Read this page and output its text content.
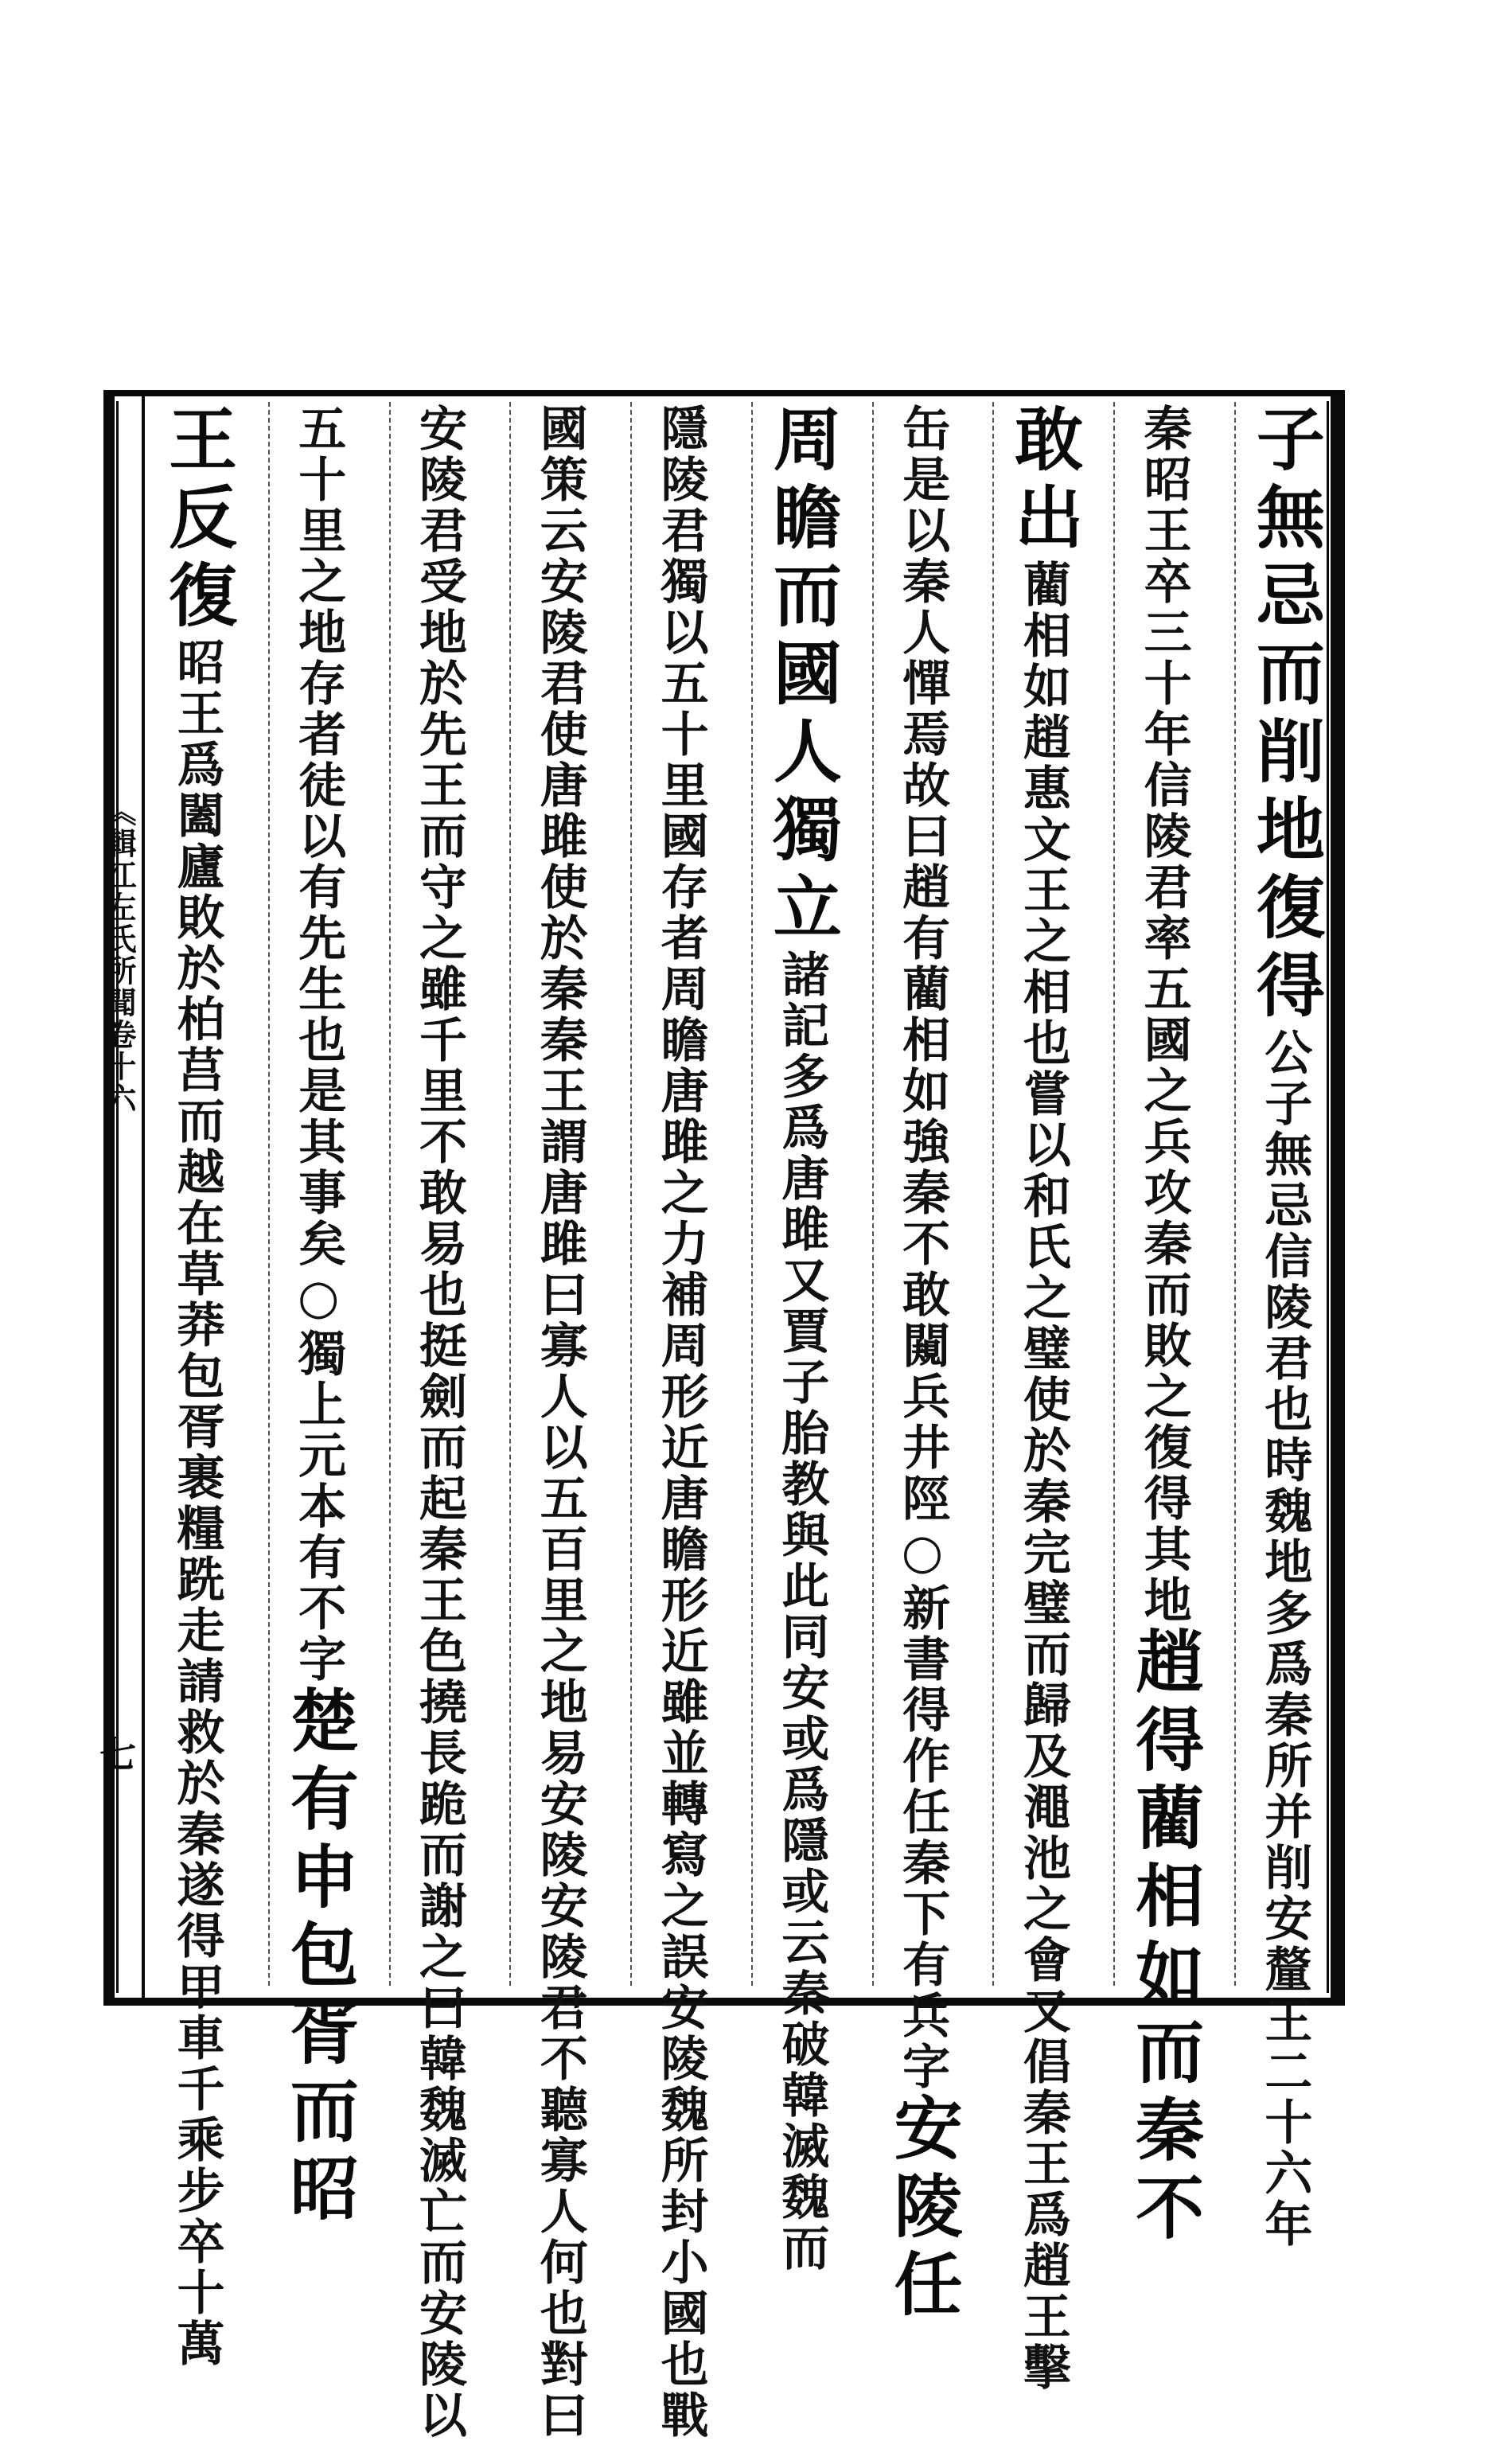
《輯江左氏所聞卷十六
七
子無忌而削地復得
公子無忌信陵君也時魏地多爲秦所并削安釐王二十六年
秦昭王卒三十年信陵君率五國之兵攻秦而敗之復得其地
趙得藺相如而秦不
敢出
藺相如趙惠文王之相也嘗以和氏之璧使於秦完璧而歸及澠池之會又倡秦王爲趙王擊
缶是以秦人憚焉故曰趙有藺相如強秦不敢闚兵井陘○新書得作任秦下有兵字
安陵任
周瞻而國人獨立
諸記多爲唐雎又賈子胎教與此同安或爲隱或云秦破韓滅魏而
隱陵君獨以五十里國存者周瞻唐雎之力補周形近唐瞻形近雖並轉寫之誤安陵魏所封小國也戰
國策云安陵君使唐雎使於秦秦王謂唐雎曰寡人以五百里之地易安陵安陵君不聽寡人何也對曰
安陵君受地於先王而守之雖千里不敢易也挺劍而起秦王色撓長跪而謝之曰韓魏滅亡而安陵以
五十里之地存者徒以有先生也是其事矣○獨上元本有不字
楚有申包胥而昭
王反復
昭王爲闔廬敗於柏莒而越在草莽包胥裹糧跣走請救於秦遂得甲車千乘步卒十萬
